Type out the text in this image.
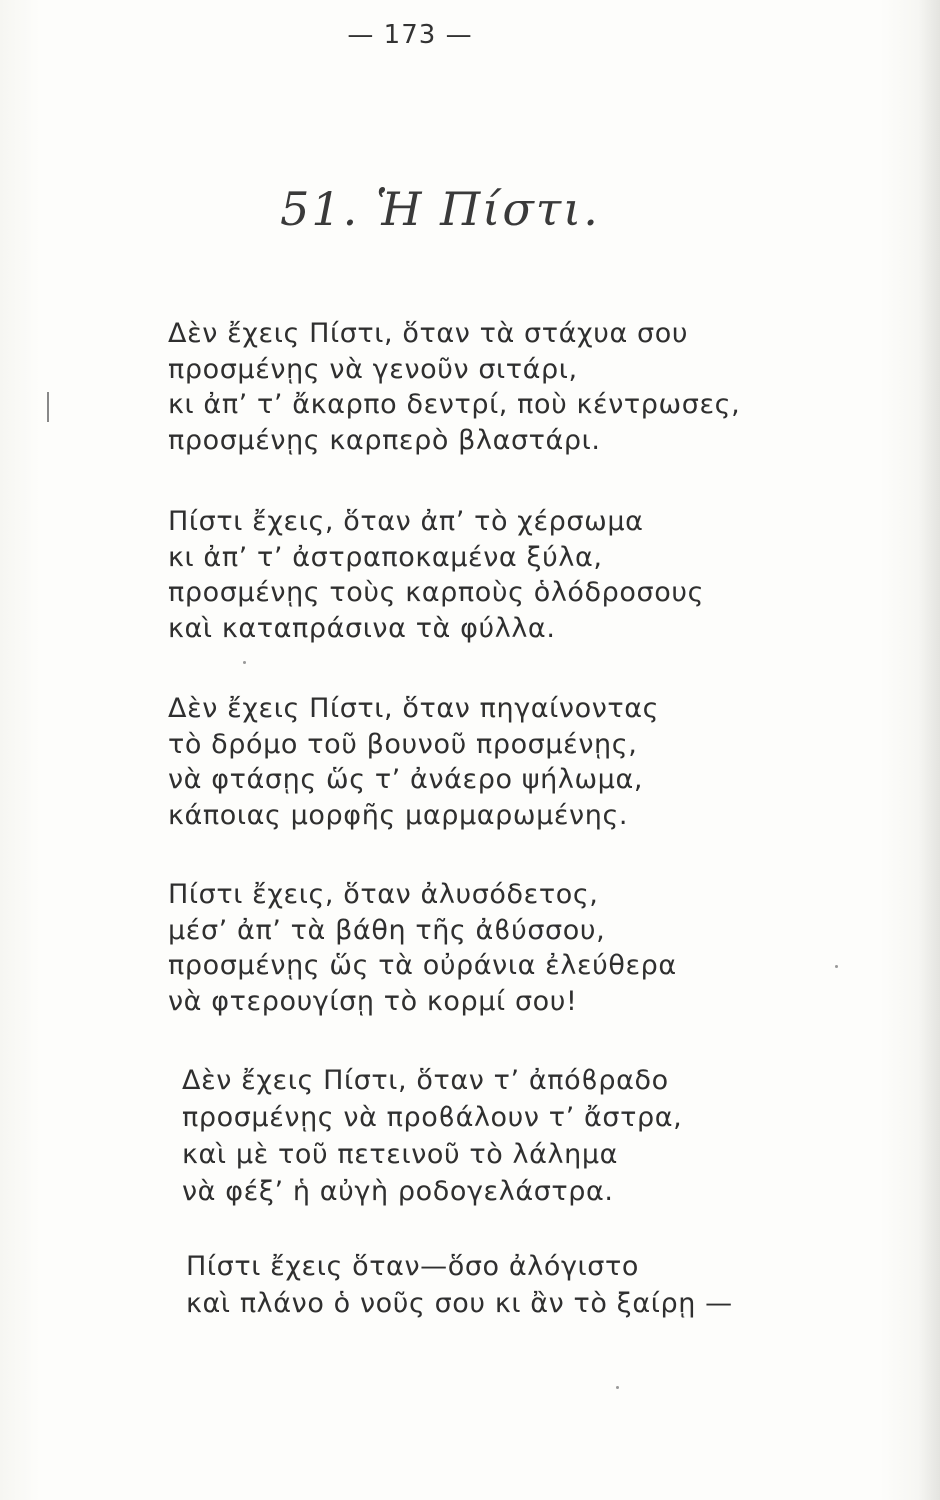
— 173 —
51. Ἡ Πίστι.
Δὲν ἔχεις Πίστι, ὅταν τὰ στάχυα σου
προσμένῃς νὰ γενοῦν σιτάρι,
κι ἀπ’ τ’ ἄκαρπο δεντρί, ποὺ κέντρωσες,
προσμένῃς καρπερὸ βλαστάρι.
Πίστι ἔχεις, ὅταν ἀπ’ τὸ χέρσωμα
κι ἀπ’ τ’ ἀστραποκαμένα ξύλα,
προσμένῃς τοὺς καρποὺς ὁλόδροσους
καὶ καταπράσινα τὰ φύλλα.
Δὲν ἔχεις Πίστι, ὅταν πηγαίνοντας
τὸ δρόμο τοῦ βουνοῦ προσμένῃς,
νὰ φτάσῃς ὥς τ’ ἀνάερο ψήλωμα,
κάποιας μορφῆς μαρμαρωμένης.
Πίστι ἔχεις, ὅταν ἀλυσόδετος,
μέσ’ ἀπ’ τὰ βάθη τῆς ἀϐύσσου,
προσμένῃς ὥς τὰ οὐράνια ἐλεύθερα
νὰ φτερουγίσῃ τὸ κορμί σου!
Δὲν ἔχεις Πίστι, ὅταν τ’ ἀπόϐραδο
προσμένῃς νὰ προϐάλουν τ’ ἄστρα,
καὶ μὲ τοῦ πετεινοῦ τὸ λάλημα
νὰ φέξ’ ἡ αὐγὴ ροδογελάστρα.
Πίστι ἔχεις ὅταν—ὅσο ἀλόγιστο
καὶ πλάνο ὁ νοῦς σου κι ἂν τὸ ξαίρῃ —
